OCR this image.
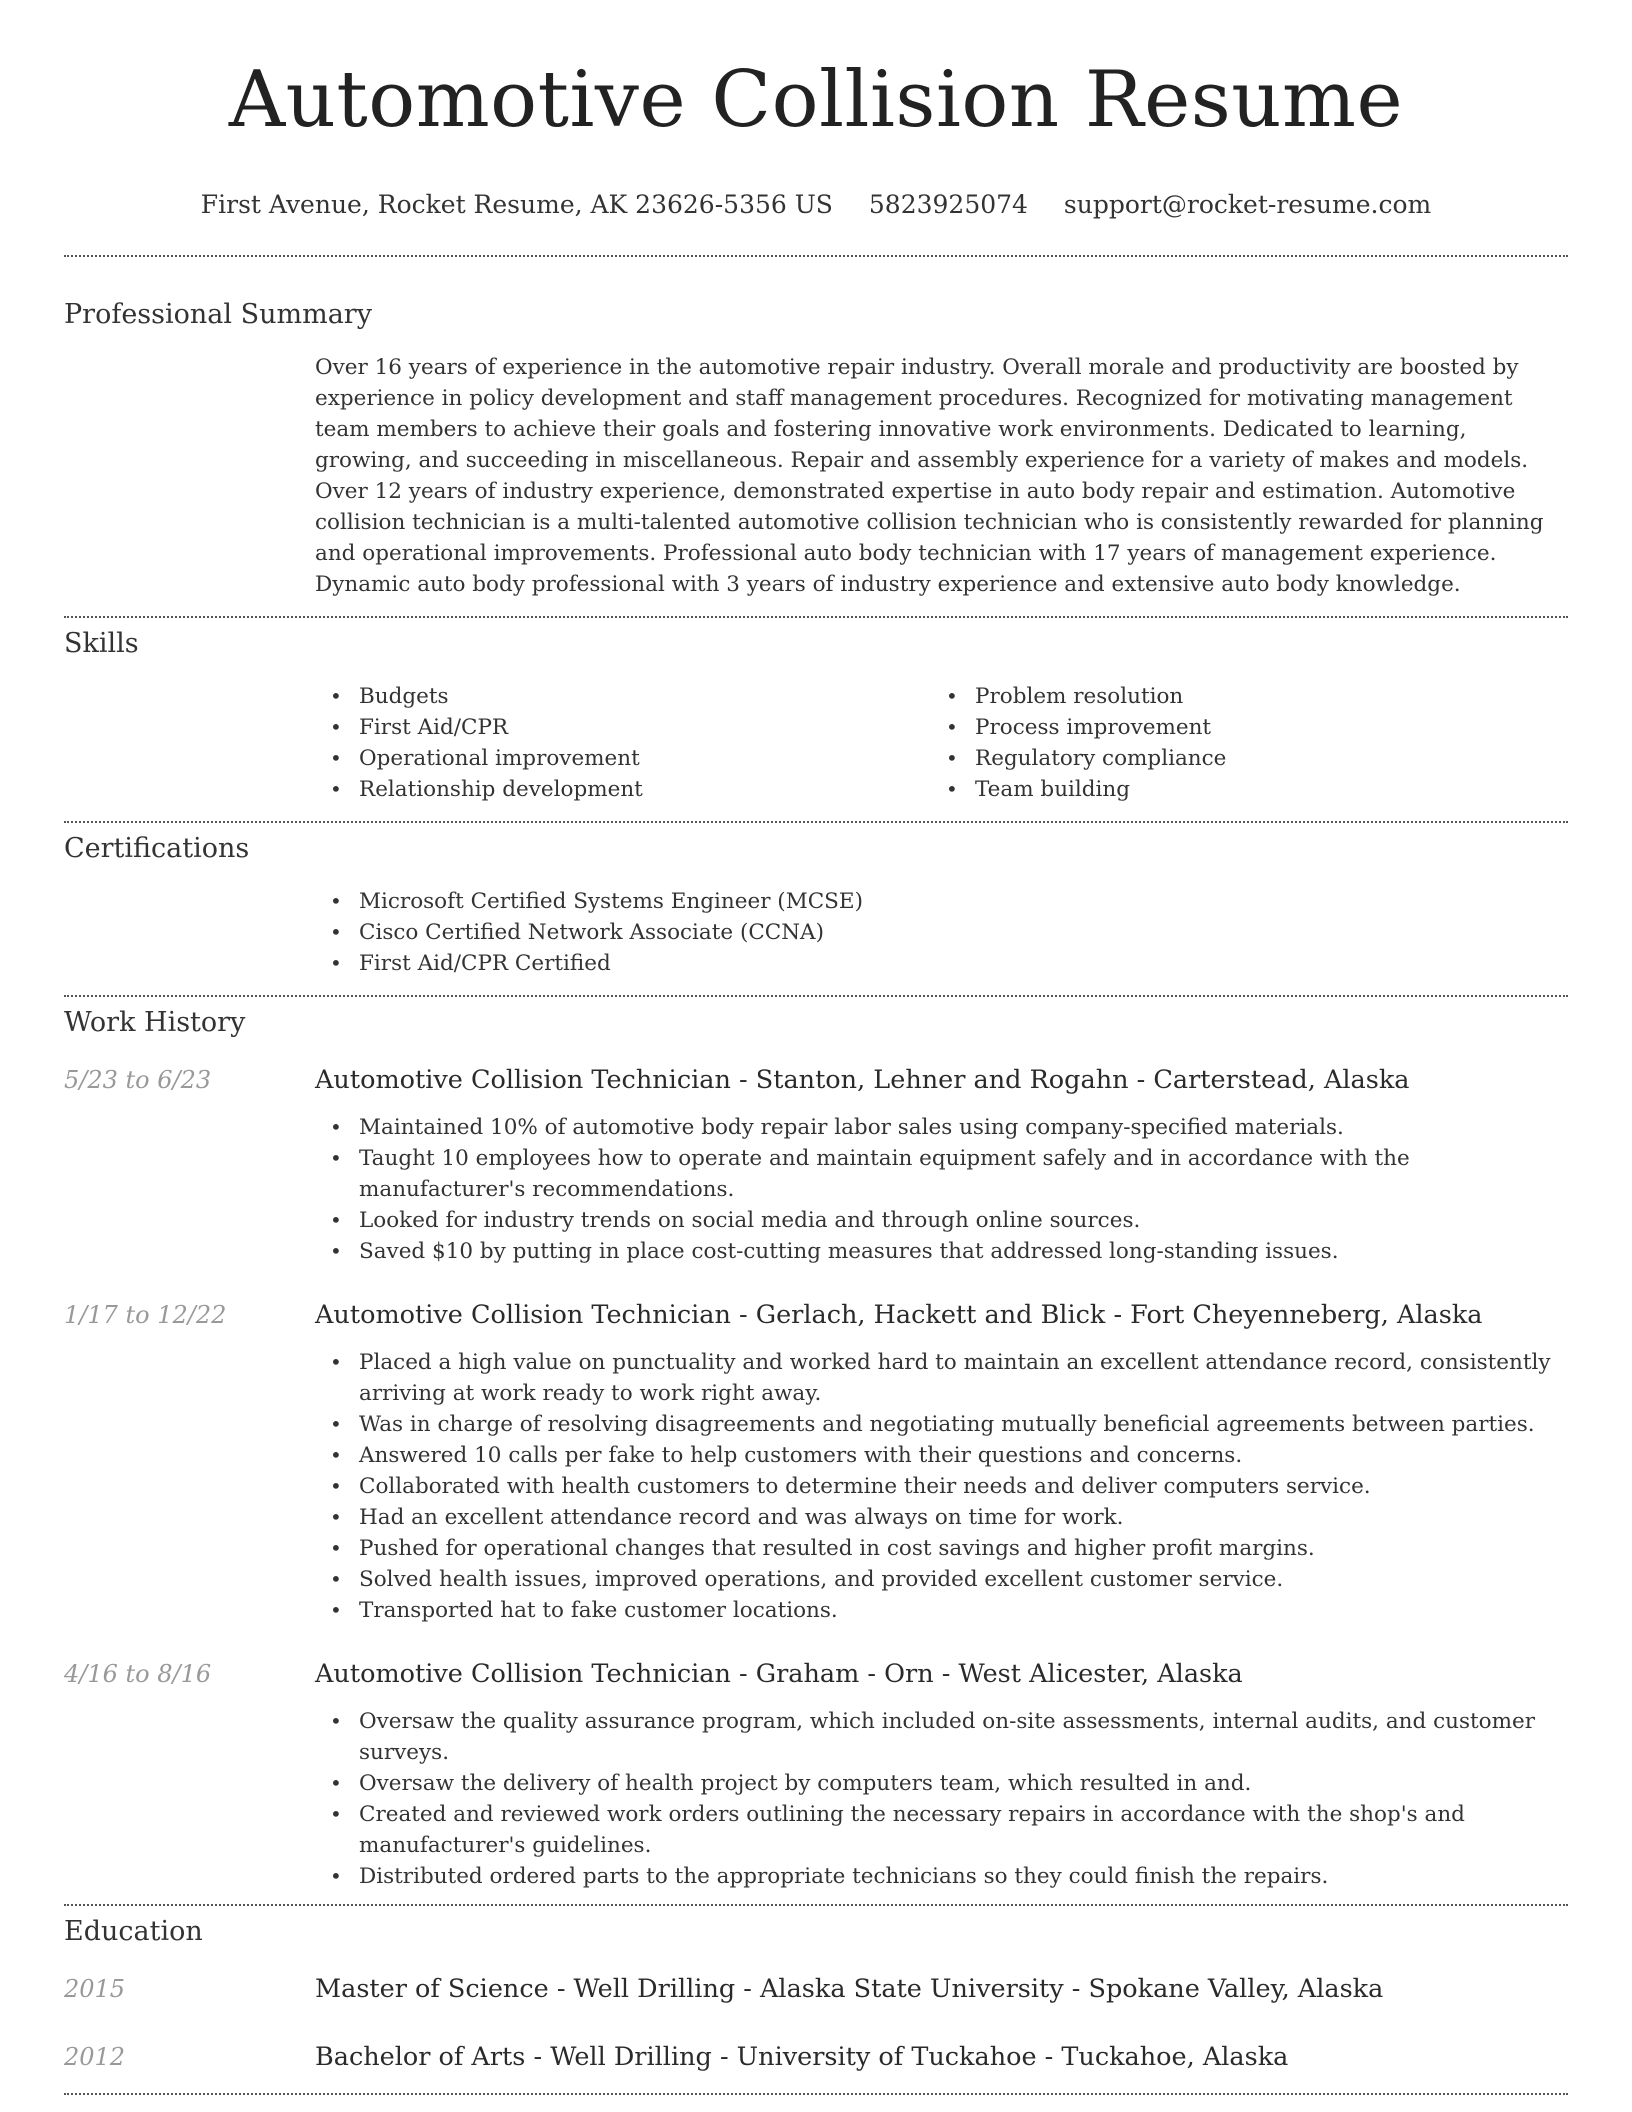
Automotive Collision Resume
First Avenue, Rocket Resume, AK 23626-5356 US 5823925074 support@rocket-resume.com
Professional Summary

Over 16 years of experience in the automotive repair industry. Overall morale and productivity are boosted by experience in policy development and staff management procedures. Recognized for motivating management team members to achieve their goals and fostering innovative work environments. Dedicated to learning, growing, and succeeding in miscellaneous. Repair and assembly experience for a variety of makes and models. Over 12 years of industry experience, demonstrated expertise in auto body repair and estimation. Automotive collision technician is a multi-talented automotive collision technician who is consistently rewarded for planning and operational improvements. Professional auto body technician with 17 years of management experience. Dynamic auto body professional with 3 years of industry experience and extensive auto body knowledge.

Skills
• Budgets
• First Aid/CPR
• Operational improvement
• Relationship development
• Problem resolution
• Process improvement
• Regulatory compliance
• Team building
Certifications
• Microsoft Certified Systems Engineer (MCSE)
• Cisco Certified Network Associate (CCNA)
• First Aid/CPR Certified
Work History
5/23 to 6/23	Automotive Collision Technician - Stanton, Lehner and Rogahn - Carterstead, Alaska
• Maintained 10% of automotive body repair labor sales using company-specified materials.
• Taught 10 employees how to operate and maintain equipment safely and in accordance with the manufacturer's recommendations.
• Looked for industry trends on social media and through online sources.
• Saved $10 by putting in place cost-cutting measures that addressed long-standing issues.
1/17 to 12/22	Automotive Collision Technician - Gerlach, Hackett and Blick - Fort Cheyenneberg, Alaska
• Placed a high value on punctuality and worked hard to maintain an excellent attendance record, consistently arriving at work ready to work right away.
• Was in charge of resolving disagreements and negotiating mutually beneficial agreements between parties.
• Answered 10 calls per fake to help customers with their questions and concerns.
• Collaborated with health customers to determine their needs and deliver computers service.
• Had an excellent attendance record and was always on time for work.
• Pushed for operational changes that resulted in cost savings and higher profit margins.
• Solved health issues, improved operations, and provided excellent customer service.
• Transported hat to fake customer locations.
4/16 to 8/16	Automotive Collision Technician - Graham - Orn - West Alicester, Alaska
• Oversaw the quality assurance program, which included on-site assessments, internal audits, and customer surveys.
• Oversaw the delivery of health project by computers team, which resulted in and.
• Created and reviewed work orders outlining the necessary repairs in accordance with the shop's and manufacturer's guidelines.
• Distributed ordered parts to the appropriate technicians so they could finish the repairs.
Education
2015	Master of Science - Well Drilling - Alaska State University - Spokane Valley, Alaska
2012	Bachelor of Arts - Well Drilling - University of Tuckahoe - Tuckahoe, Alaska
